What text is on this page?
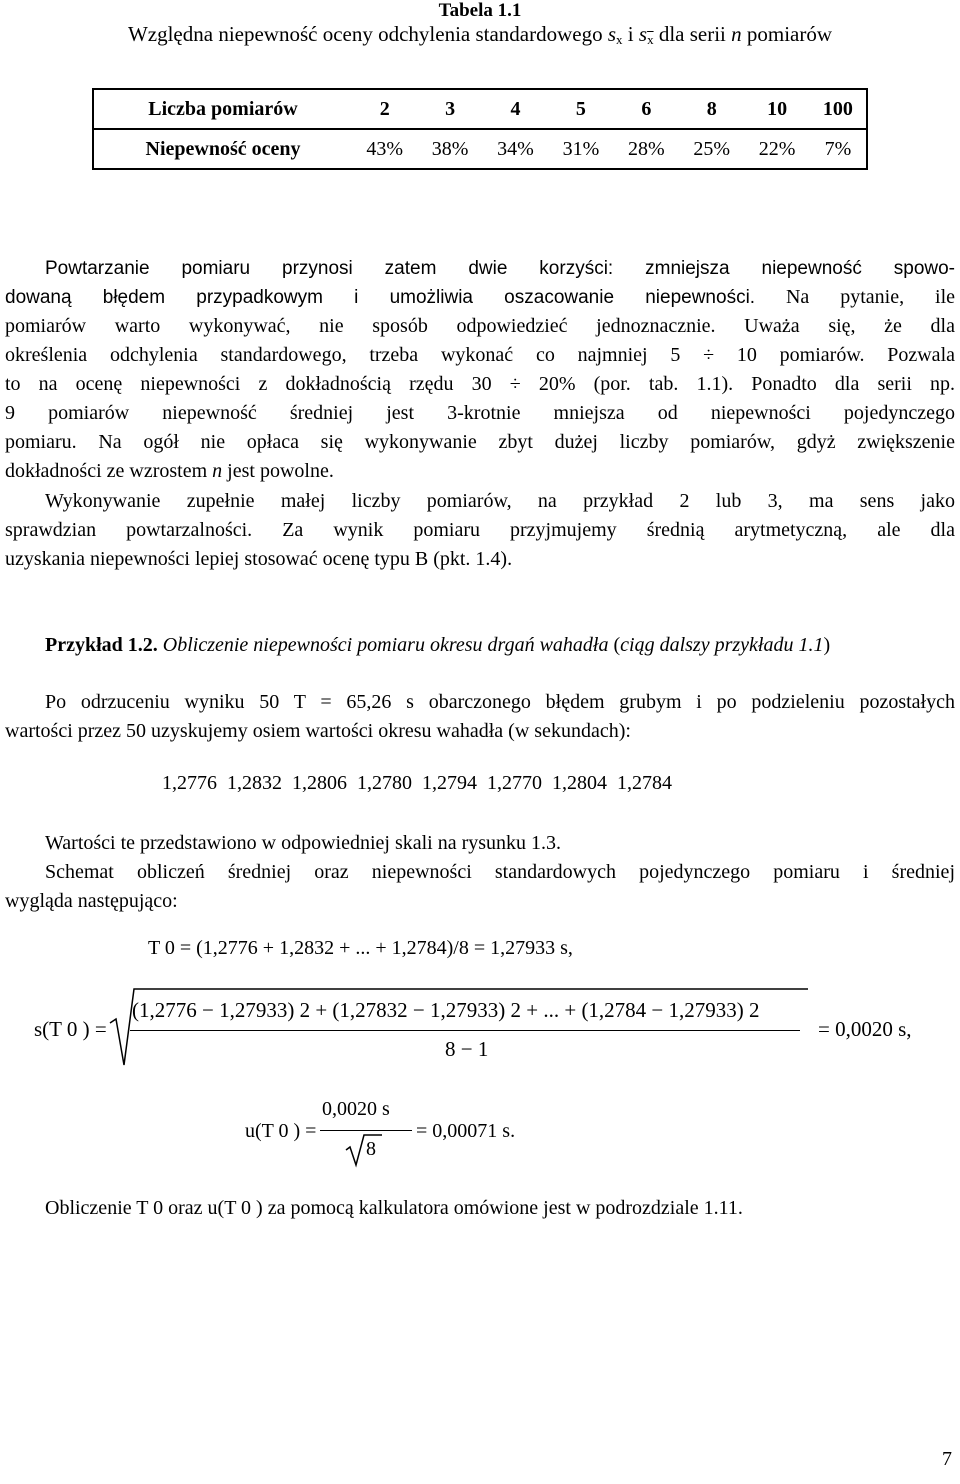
Tabela 1.1
Względna niepewność oceny odchylenia standardowego $s_x$ i $s_{\overline{x}}$ dla serii n pomiarów
Liczba pomiarów	2	3	4	5	6	8	10	100
Niepewność oceny	43%	38%	34%	31%	28%	25%	22%	7%
Powtarzanie pomiaru przynosi zatem dwie korzyści: zmniejsza niepewność spowo-
dowaną błędem przypadkowym i umożliwia oszacowanie niepewności. Na pytanie, ile
pomiarów warto wykonywać, nie sposób odpowiedzieć jednoznacznie. Uważa się, że dla
określenia odchylenia standardowego, trzeba wykonać co najmniej 5 ÷ 10 pomiarów. Pozwala
to na ocenę niepewności z dokładnością rzędu 30 ÷ 20% (por. tab. 1.1). Ponadto dla serii np.
9 pomiarów niepewność średniej jest 3-krotnie mniejsza od niepewności pojedynczego
pomiaru. Na ogół nie opłaca się wykonywanie zbyt dużej liczby pomiarów, gdyż zwiększenie
dokładności ze wzrostem n jest powolne.
Wykonywanie zupełnie małej liczby pomiarów, na przykład 2 lub 3, ma sens jako
sprawdzian powtarzalności. Za wynik pomiaru przyjmujemy średnią arytmetyczną, ale dla
uzyskania niepewności lepiej stosować ocenę typu B (pkt. 1.4).
Przykład 1.2. Obliczenie niepewności pomiaru okresu drgań wahadła (ciąg dalszy przykładu 1.1)
Po odrzuceniu wyniku 50 T = 65,26 s obarczonego błędem grubym i po podzieleniu pozostałych
wartości przez 50 uzyskujemy osiem wartości okresu wahadła (w sekundach):
1,2776 1,2832 1,2806 1,2780 1,2794 1,2770 1,2804 1,2784
Wartości te przedstawiono w odpowiedniej skali na rysunku 1.3.
Schemat obliczeń średniej oraz niepewności standardowych pojedynczego pomiaru i średniej
wygląda następująco:
T 0 = (1,2776 + 1,2832 + ... + 1,2784)/8 = 1,27933 s,
s(T 0 ) =
(1,2776 − 1,27933) 2 + (1,27832 − 1,27933) 2 + ... + (1,2784 − 1,27933) 2
8 − 1
= 0,0020 s,
u(T 0 ) =
0,0020 s
8
= 0,00071 s.
Obliczenie T 0 oraz u(T 0 ) za pomocą kalkulatora omówione jest w podrozdziale 1.11.
7
